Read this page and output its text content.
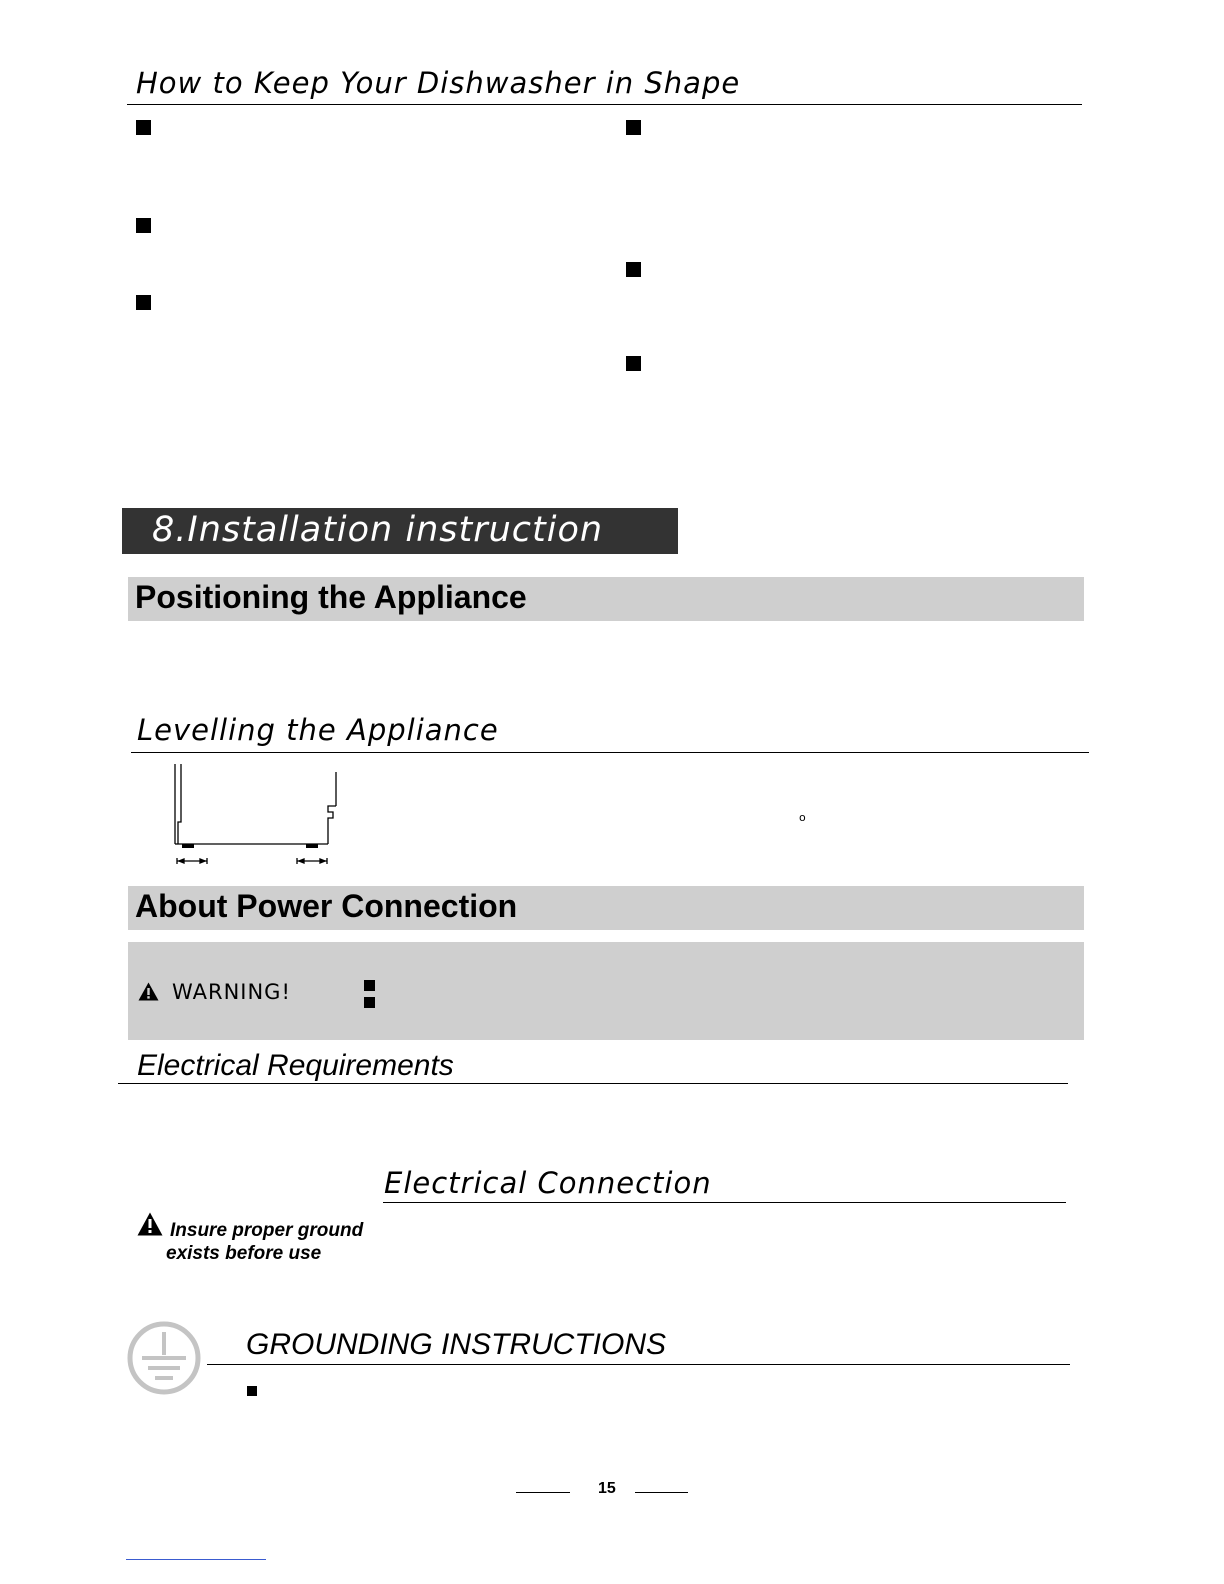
How to Keep Your Dishwasher in Shape
8.Installation instruction
Positioning the Appliance
Levelling the Appliance
o
About Power Connection
WARNING!
Electrical Requirements
Electrical Connection
Insure proper ground
exists before use
GROUNDING INSTRUCTIONS
15
